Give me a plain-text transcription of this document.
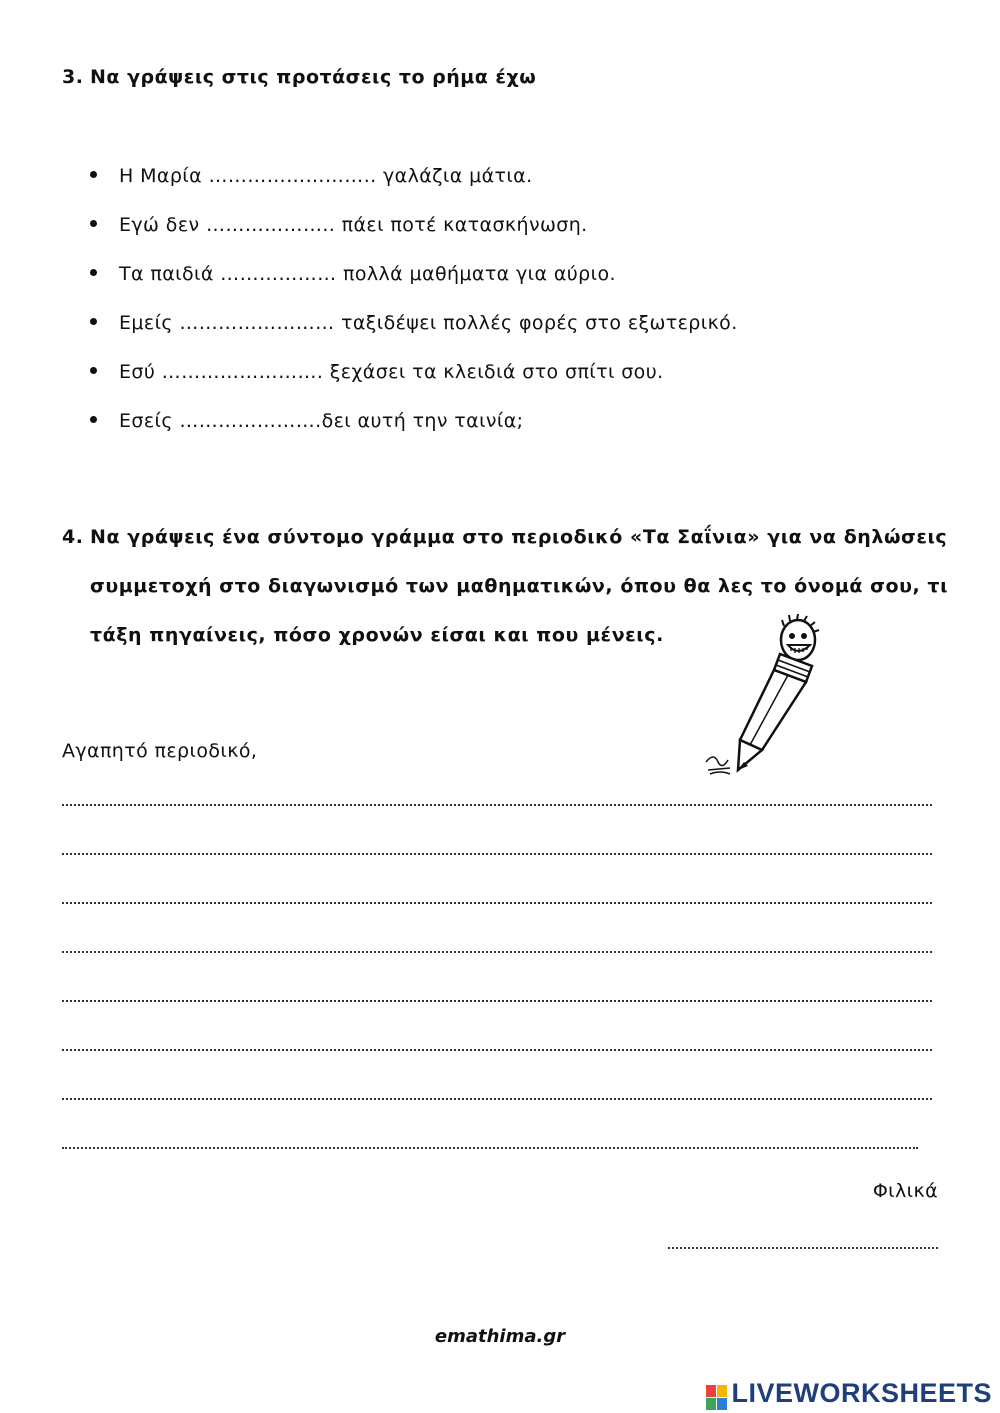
3. Να γράψεις στις προτάσεις το ρήμα έχω
Η Μαρία …………………….. γαλάζια μάτια.
Εγώ δεν ……………….. πάει ποτέ κατασκήνωση.
Τα παιδιά ……………… πολλά μαθήματα για αύριο.
Εμείς …………………… ταξιδέψει πολλές φορές στο εξωτερικό.
Εσύ ……………………. ξεχάσει τα κλειδιά στο σπίτι σου.
Εσείς ………………….δει αυτή την ταινία;
4. Να γράψεις ένα σύντομο γράμμα στο περιοδικό «Τα Σαΐνια» για να δηλώσεις
συμμετοχή στο διαγωνισμό των μαθηματικών, όπου θα λες το όνομά σου, τι
τάξη πηγαίνεις, πόσο χρονών είσαι και που μένεις.
Αγαπητό περιοδικό,
Φιλικά
emathima.gr
LIVEWORKSHEETS
